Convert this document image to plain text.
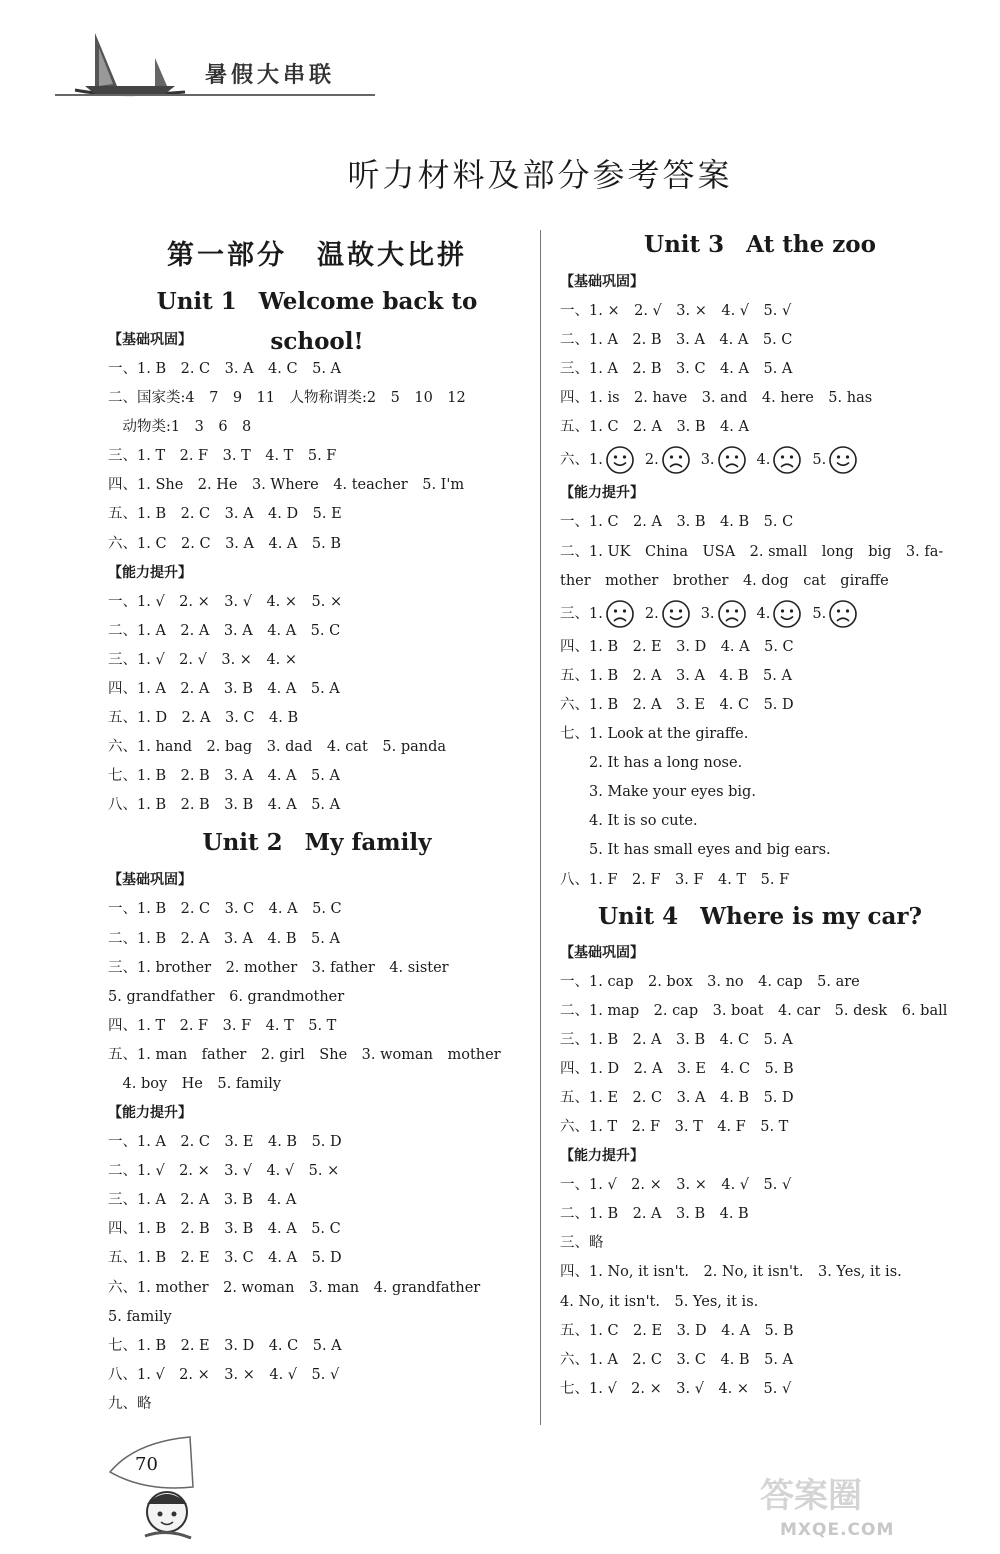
暑假大串联
听力材料及部分参考答案
第一部分　温故大比拼
Unit 1 Welcome back to school!
【基础巩固】
一、1. B　2. C　3. A　4. C　5. A
二、国家类:4　7　9　11　人物称谓类:2　5　10　12
　动物类:1　3　6　8
三、1. T　2. F　3. T　4. T　5. F
四、1. She　2. He　3. Where　4. teacher　5. I'm
五、1. B　2. C　3. A　4. D　5. E
六、1. C　2. C　3. A　4. A　5. B
【能力提升】
一、1. √　2. ×　3. √　4. ×　5. ×
二、1. A　2. A　3. A　4. A　5. C
三、1. √　2. √　3. ×　4. ×
四、1. A　2. A　3. B　4. A　5. A
五、1. D　2. A　3. C　4. B
六、1. hand　2. bag　3. dad　4. cat　5. panda
七、1. B　2. B　3. A　4. A　5. A
八、1. B　2. B　3. B　4. A　5. A
Unit 2 My family
【基础巩固】
一、1. B　2. C　3. C　4. A　5. C
二、1. B　2. A　3. A　4. B　5. A
三、1. brother　2. mother　3. father　4. sister
5. grandfather　6. grandmother
四、1. T　2. F　3. F　4. T　5. T
五、1. man　father　2. girl　She　3. woman　mother
　4. boy　He　5. family
【能力提升】
一、1. A　2. C　3. E　4. B　5. D
二、1. √　2. ×　3. √　4. √　5. ×
三、1. A　2. A　3. B　4. A
四、1. B　2. B　3. B　4. A　5. C
五、1. B　2. E　3. C　4. A　5. D
六、1. mother　2. woman　3. man　4. grandfather
5. family
七、1. B　2. E　3. D　4. C　5. A
八、1. √　2. ×　3. ×　4. √　5. √
九、略
Unit 3 At the zoo
【基础巩固】
一、1. ×　2. √　3. ×　4. √　5. √
二、1. A　2. B　3. A　4. A　5. C
三、1. A　2. B　3. C　4. A　5. A
四、1. is　2. have　3. and　4. here　5. has
五、1. C　2. A　3. B　4. A
六、1.	2.	3.	4.	5.
【能力提升】
一、1. C　2. A　3. B　4. B　5. C
二、1. UK　China　USA　2. small　long　big　3. fa-
ther　mother　brother　4. dog　cat　giraffe
三、1.	2.	3.	4.	5.
四、1. B　2. E　3. D　4. A　5. C
五、1. B　2. A　3. A　4. B　5. A
六、1. B　2. A　3. E　4. C　5. D
七、1. Look at the giraffe.
　　2. It has a long nose.
　　3. Make your eyes big.
　　4. It is so cute.
　　5. It has small eyes and big ears.
八、1. F　2. F　3. F　4. T　5. F
Unit 4 Where is my car?
【基础巩固】
一、1. cap　2. box　3. no　4. cap　5. are
二、1. map　2. cap　3. boat　4. car　5. desk　6. ball
三、1. B　2. A　3. B　4. C　5. A
四、1. D　2. A　3. E　4. C　5. B
五、1. E　2. C　3. A　4. B　5. D
六、1. T　2. F　3. T　4. F　5. T
【能力提升】
一、1. √　2. ×　3. ×　4. √　5. √
二、1. B　2. A　3. B　4. B
三、略
四、1. No, it isn't.　2. No, it isn't.　3. Yes, it is.
4. No, it isn't.　5. Yes, it is.
五、1. C　2. E　3. D　4. A　5. B
六、1. A　2. C　3. C　4. B　5. A
七、1. √　2. ×　3. √　4. ×　5. √
70
答案圈
MXQE.COM
